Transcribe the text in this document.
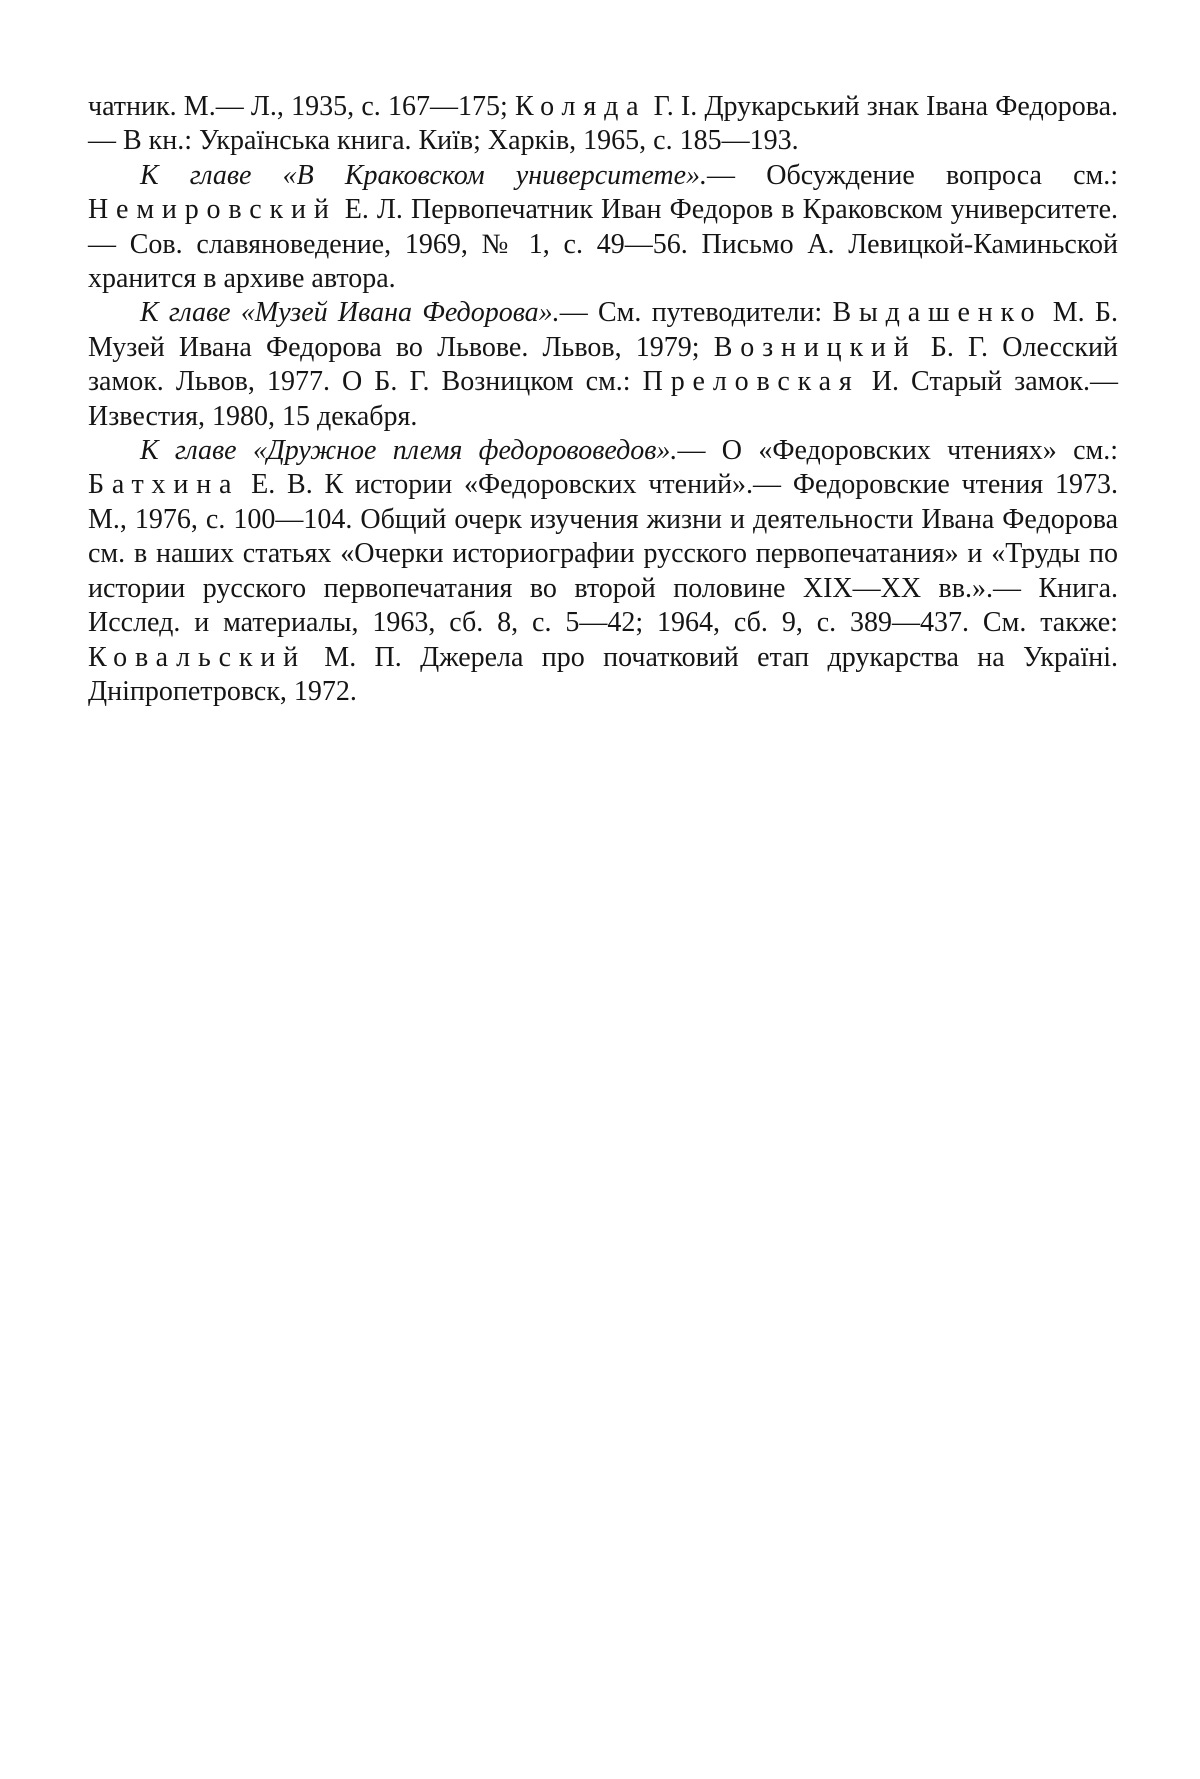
чатник. М.— Л., 1935, с. 167—175; Коляда Г. І. Друкарський знак Івана Федорова.— В кн.: Українська книга. Київ; Харків, 1965, с. 185—193.

К главе «В Краковском университете».— Обсуждение вопроса см.: Немировский Е. Л. Первопечатник Иван Федоров в Краковском университете.— Сов. славяноведение, 1969, № 1, с. 49—56. Письмо А. Левицкой-Каминьской хранится в архиве автора.

К главе «Музей Ивана Федорова».— См. путеводители: Выдашенко М. Б. Музей Ивана Федорова во Львове. Львов, 1979; Возницкий Б. Г. Олесский замок. Львов, 1977. О Б. Г. Возницком см.: Преловская И. Старый замок.— Известия, 1980, 15 декабря.

К главе «Дружное племя федорововедов».— О «Федоровских чтениях» см.: Батхина Е. В. К истории «Федоровских чтений».— Федоровские чтения 1973. М., 1976, с. 100—104. Общий очерк изучения жизни и деятельности Ивана Федорова см. в наших статьях «Очерки историографии русского первопечатания» и «Труды по истории русского первопечатания во второй половине XIX—XX вв.».— Книга. Исслед. и материалы, 1963, сб. 8, с. 5—42; 1964, сб. 9, с. 389—437. См. также: Ковальский М. П. Джерела про початковий етап друкарства на Україні. Дніпропетровск, 1972.
